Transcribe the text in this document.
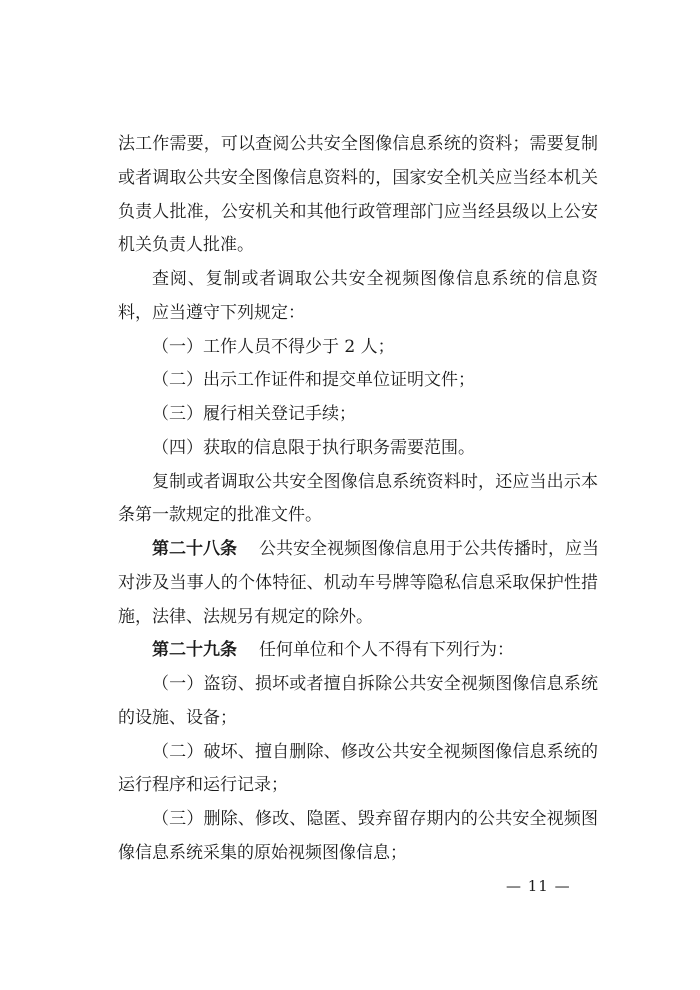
法工作需要，可以查阅公共安全图像信息系统的资料；需要复制
或者调取公共安全图像信息资料的，国家安全机关应当经本机关
负责人批准，公安机关和其他行政管理部门应当经县级以上公安
机关负责人批准。
查阅、复制或者调取公共安全视频图像信息系统的信息资
料，应当遵守下列规定：
（一）工作人员不得少于 2 人；
（二）出示工作证件和提交单位证明文件；
（三）履行相关登记手续；
（四）获取的信息限于执行职务需要范围。
复制或者调取公共安全图像信息系统资料时，还应当出示本
条第一款规定的批准文件。
第二十八条 公共安全视频图像信息用于公共传播时，应当
对涉及当事人的个体特征、机动车号牌等隐私信息采取保护性措
施，法律、法规另有规定的除外。
第二十九条 任何单位和个人不得有下列行为：
（一）盗窃、损坏或者擅自拆除公共安全视频图像信息系统
的设施、设备；
（二）破坏、擅自删除、修改公共安全视频图像信息系统的
运行程序和运行记录；
（三）删除、修改、隐匿、毁弃留存期内的公共安全视频图
像信息系统采集的原始视频图像信息；
— 11 —
